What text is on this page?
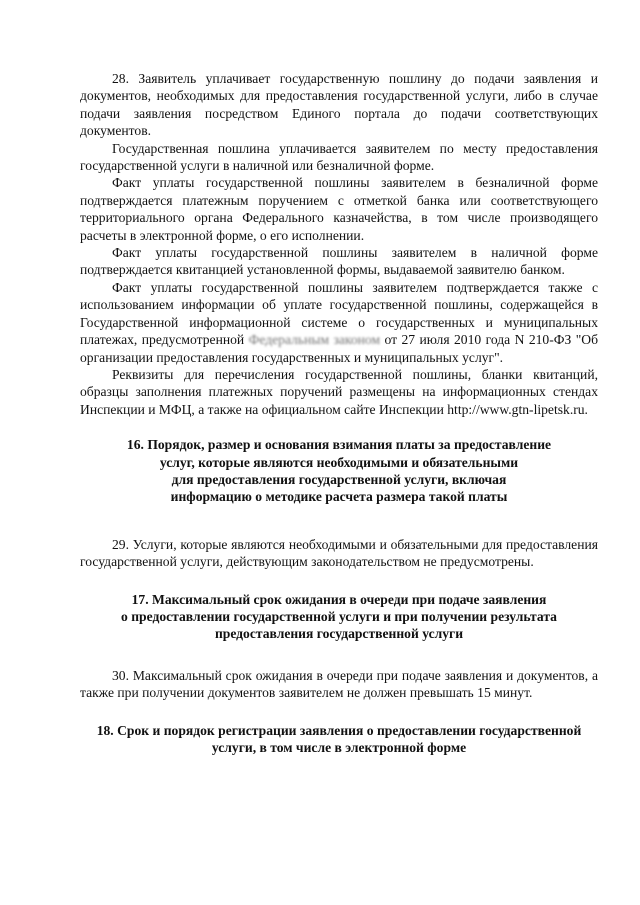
28. Заявитель уплачивает государственную пошлину до подачи заявления и документов, необходимых для предоставления государственной услуги, либо в случае подачи заявления посредством Единого портала до подачи соответствующих документов.

Государственная пошлина уплачивается заявителем по месту предоставления государственной услуги в наличной или безналичной форме.

Факт уплаты государственной пошлины заявителем в безналичной форме подтверждается платежным поручением с отметкой банка или соответствующего территориального органа Федерального казначейства, в том числе производящего расчеты в электронной форме, о его исполнении.

Факт уплаты государственной пошлины заявителем в наличной форме подтверждается квитанцией установленной формы, выдаваемой заявителю банком.

Факт уплаты государственной пошлины заявителем подтверждается также с использованием информации об уплате государственной пошлины, содержащейся в Государственной информационной системе о государственных и муниципальных платежах, предусмотренной Федеральным законом от 27 июля 2010 года N 210-ФЗ "Об организации предоставления государственных и муниципальных услуг".

Реквизиты для перечисления государственной пошлины, бланки квитанций, образцы заполнения платежных поручений размещены на информационных стендах Инспекции и МФЦ, а также на официальном сайте Инспекции http://www.gtn-lipetsk.ru.

16. Порядок, размер и основания взимания платы за предоставление
услуг, которые являются необходимыми и обязательными
для предоставления государственной услуги, включая
информацию о методике расчета размера такой платы

29. Услуги, которые являются необходимыми и обязательными для предоставления государственной услуги, действующим законодательством не предусмотрены.

17. Максимальный срок ожидания в очереди при подаче заявления
о предоставлении государственной услуги и при получении результата
предоставления государственной услуги

30. Максимальный срок ожидания в очереди при подаче заявления и документов, а также при получении документов заявителем не должен превышать 15 минут.

18. Срок и порядок регистрации заявления о предоставлении государственной
услуги, в том числе в электронной форме
